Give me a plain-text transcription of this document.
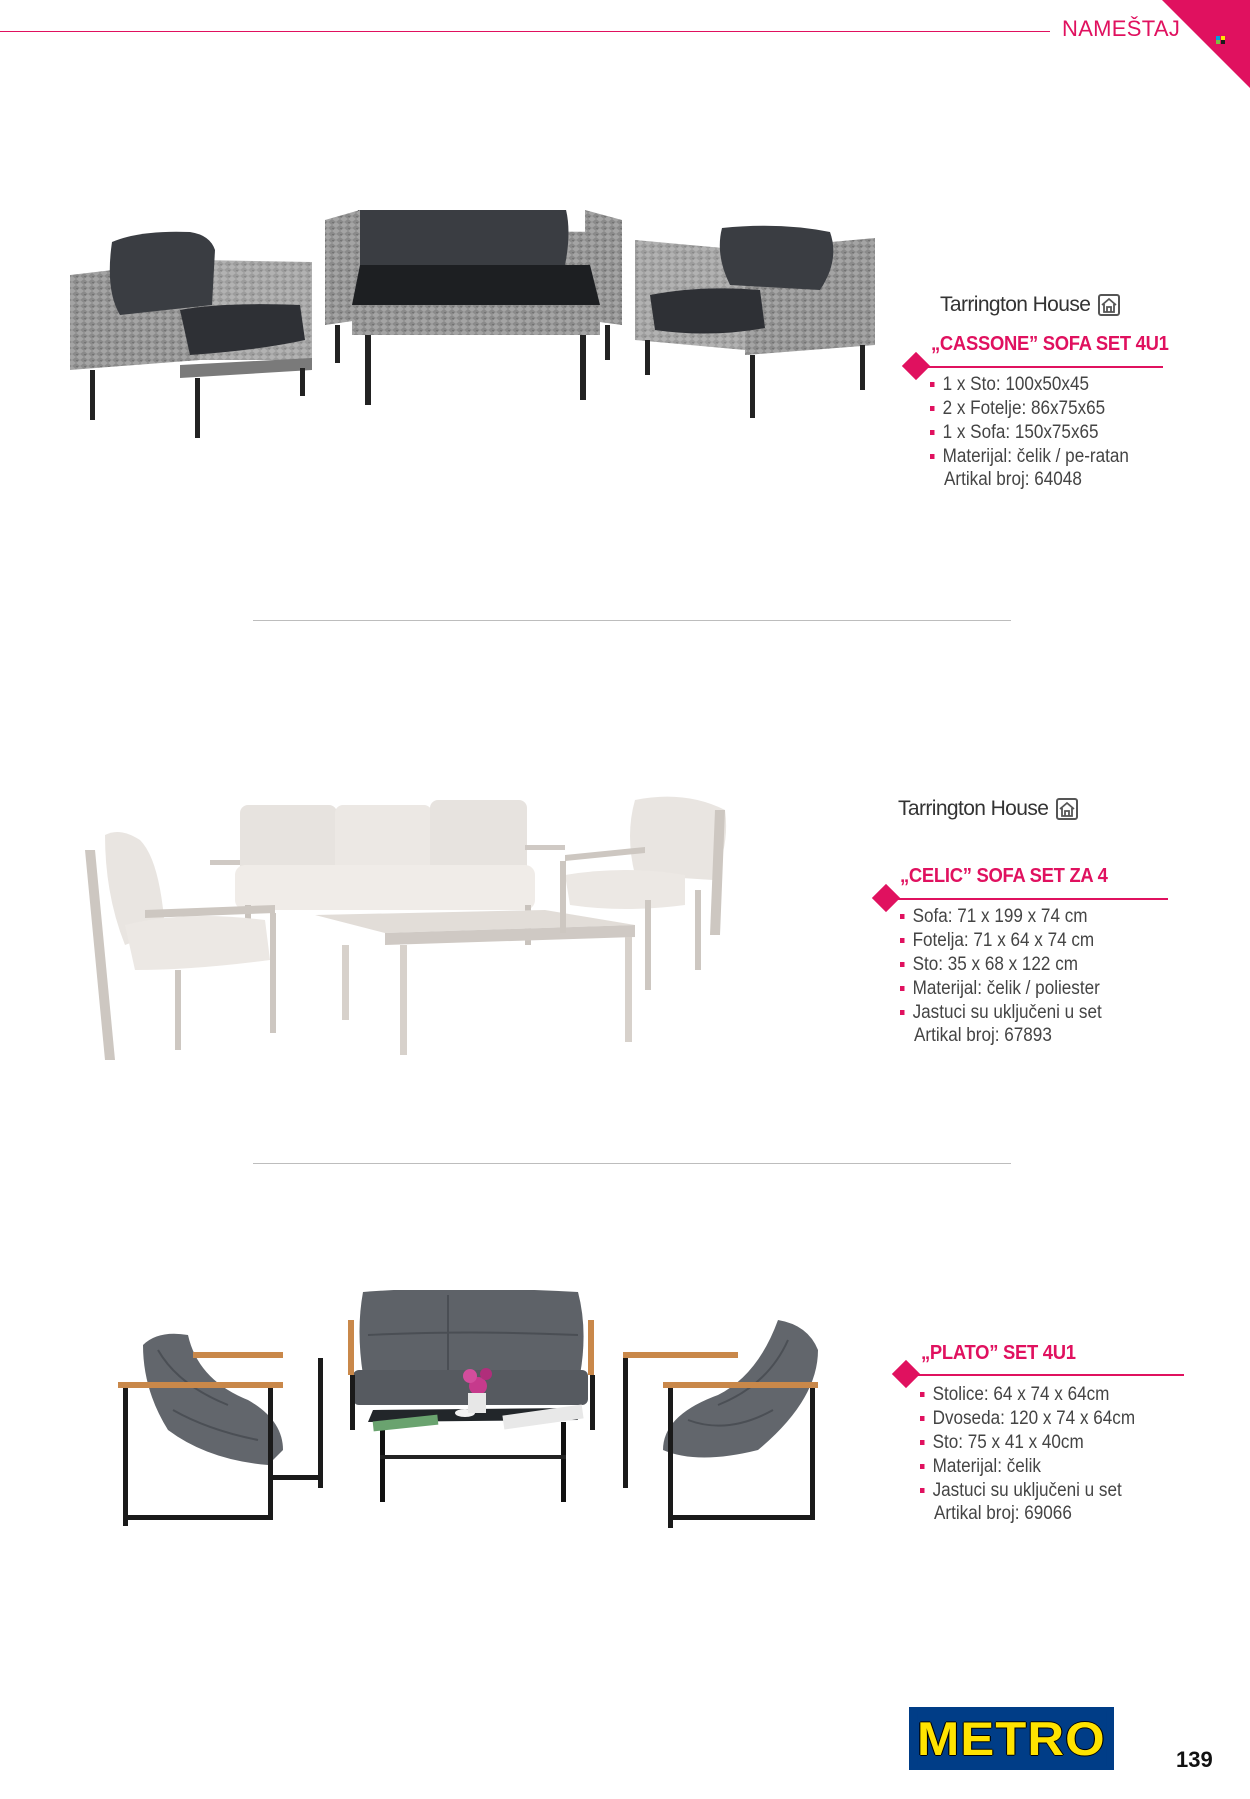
NAMEŠTAJ
Tarrington House
„CASSONE” SOFA SET 4U1
1 x Sto: 100x50x45
2 x Fotelje: 86x75x65
1 x Sofa: 150x75x65
Materijal: čelik / pe-ratan
Artikal broj: 64048
Tarrington House
„CELIC” SOFA SET ZA 4
Sofa: 71 x 199 x 74 cm
Fotelja: 71 x 64 x 74 cm
Sto: 35 x 68 x 122 cm
Materijal: čelik / poliester
Jastuci su uključeni u set
Artikal broj: 67893
„PLATO” SET 4U1
Stolice: 64 x 74 x 64cm
Dvoseda: 120 x 74 x 64cm
Sto: 75 x 41 x 40cm
Materijal: čelik
Jastuci su uključeni u set
Artikal broj: 69066
METRO	139
